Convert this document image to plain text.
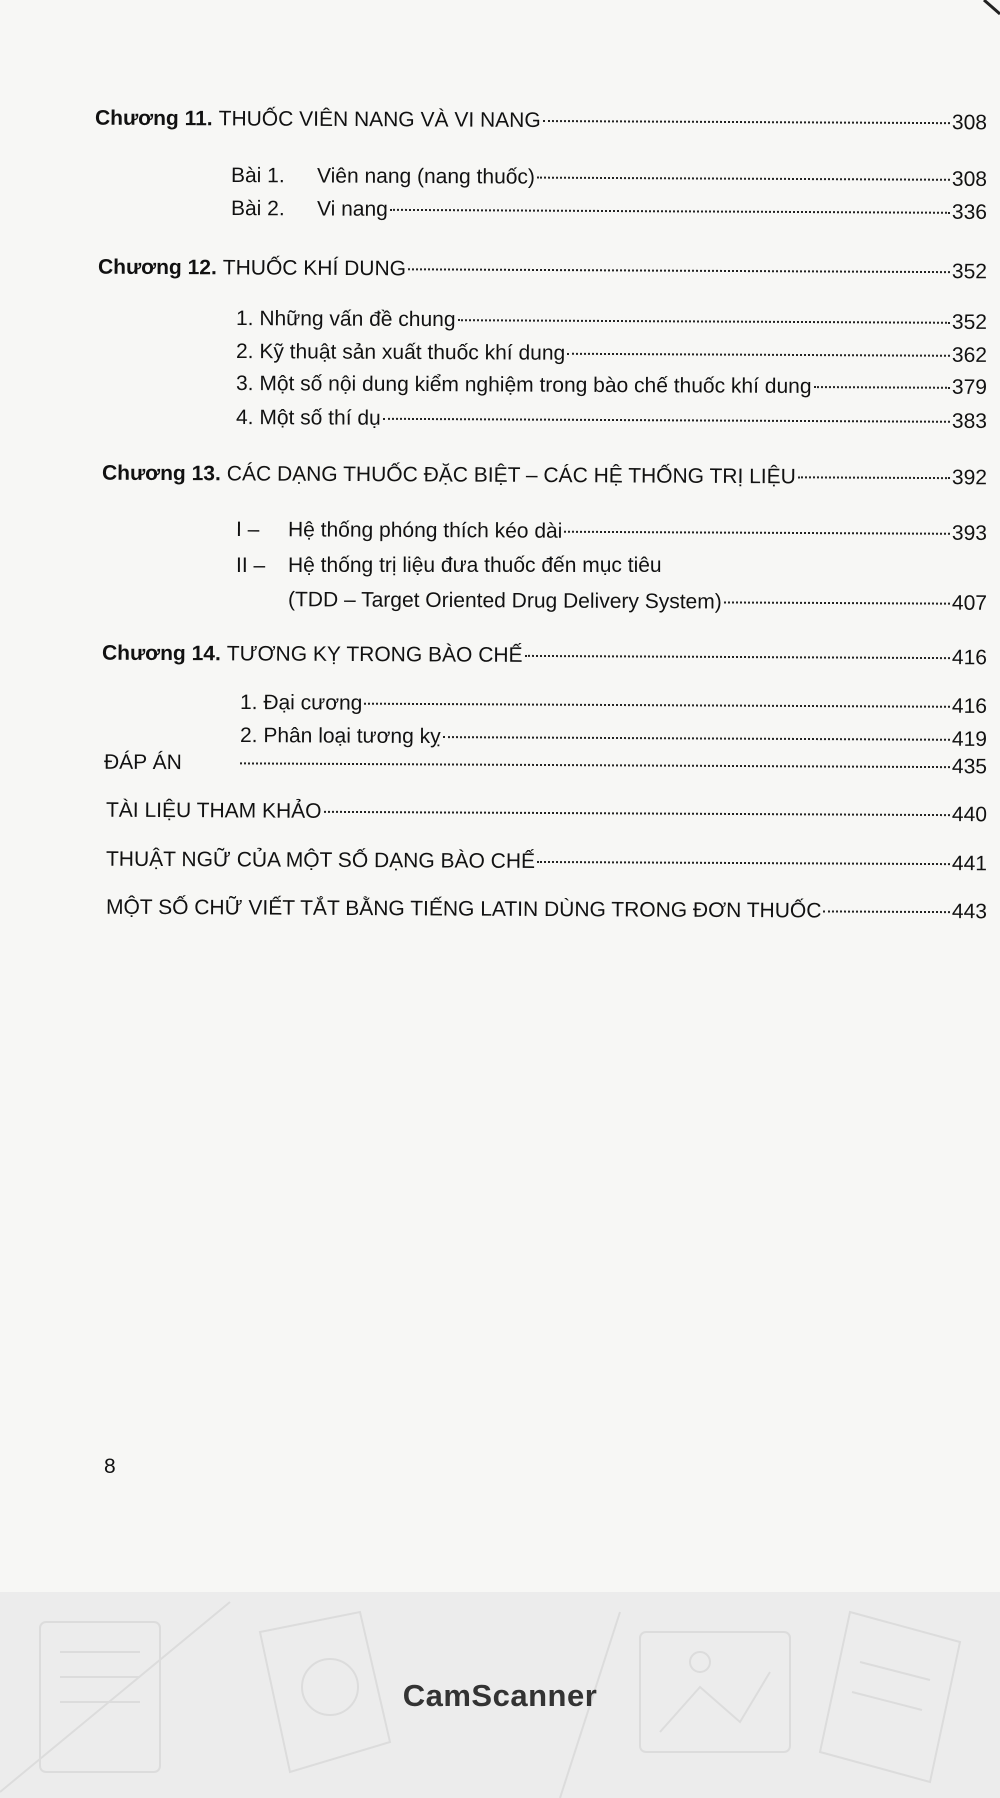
Chương 11. THUỐC VIÊN NANG VÀ VI NANG	308
Bài 1.	Viên nang (nang thuốc)	308
Bài 2.	Vi nang	336
Chương 12. THUỐC KHÍ DUNG	352
1. Những vấn đề chung	352
2. Kỹ thuật sản xuất thuốc khí dung	362
3. Một số nội dung kiểm nghiệm trong bào chế thuốc khí dung	379
4. Một số thí dụ	383
Chương 13. CÁC DẠNG THUỐC ĐẶC BIỆT – CÁC HỆ THỐNG TRỊ LIỆU	392
I –	Hệ thống phóng thích kéo dài	393
II – Hệ thống trị liệu đưa thuốc đến mục tiêu
(TDD – Target Oriented Drug Delivery System)	407
Chương 14. TƯƠNG KỴ TRONG BÀO CHẾ	416
1. Đại cương	416
2. Phân loại tương kỵ	419
ĐÁP ÁN	435
TÀI LIỆU THAM KHẢO	440
THUẬT NGỮ CỦA MỘT SỐ DẠNG BÀO CHẾ	441
MỘT SỐ CHỮ VIẾT TẮT BẰNG TIẾNG LATIN DÙNG TRONG ĐƠN THUỐC	443
8
CamScanner
